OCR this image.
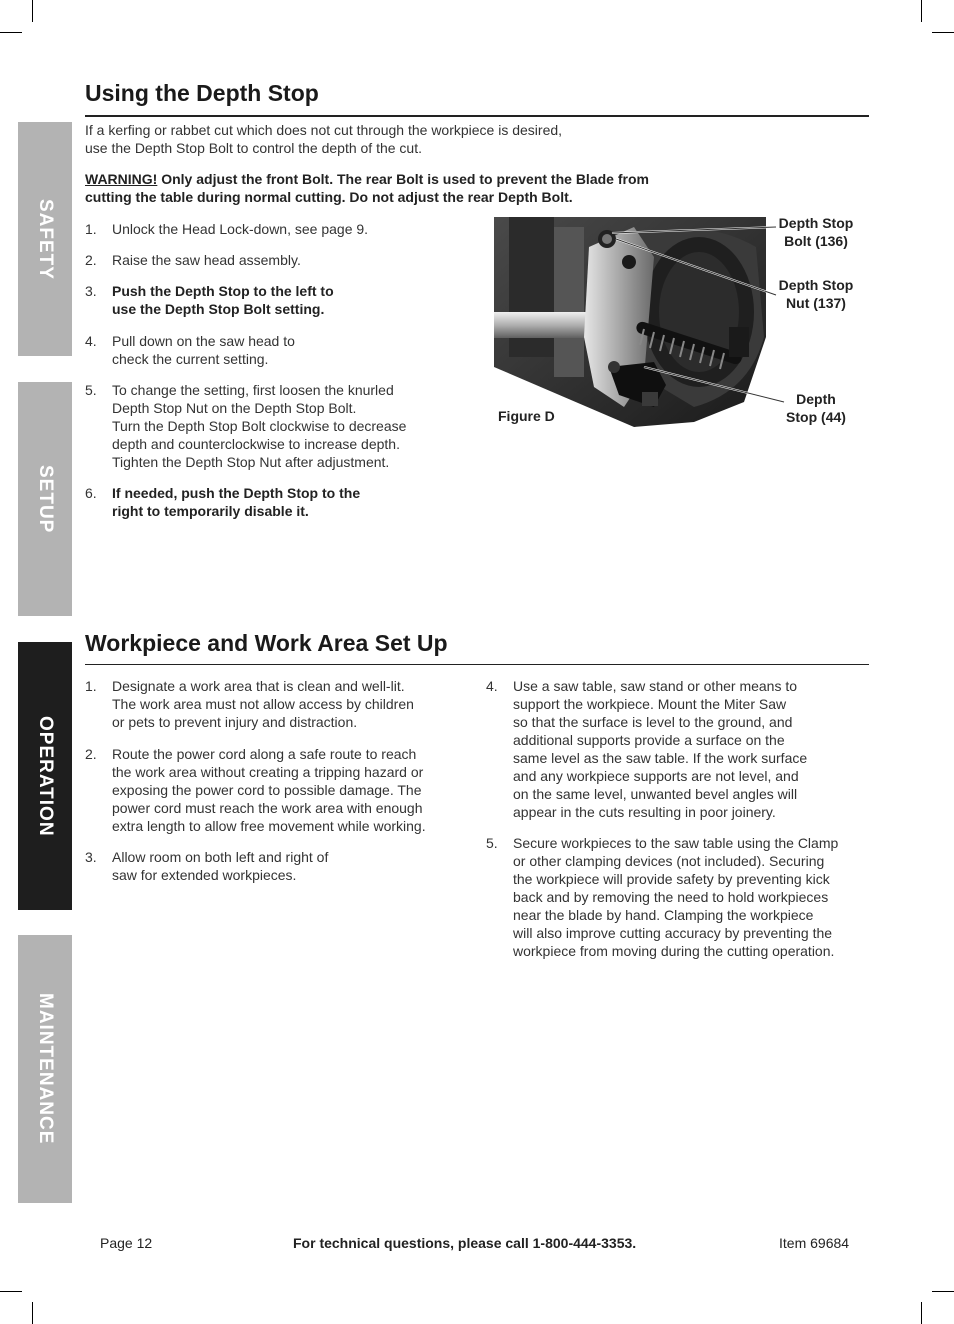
SAFETY
SETUP
OPERATION
MAINTENANCE
Using the Depth Stop

If a kerfing or rabbet cut which does not cut through the workpiece is desired,
use the Depth Stop Bolt to control the depth of the cut.

WARNING! Only adjust the front Bolt. The rear Bolt is used to prevent the Blade from
cutting the table during normal cutting. Do not adjust the rear Depth Bolt.

1. Unlock the Head Lock-down, see page 9.
2. Raise the saw head assembly.
3. Push the Depth Stop to the left to
use the Depth Stop Bolt setting.
4. Pull down on the saw head to
check the current setting.
5. To change the setting, first loosen the knurled
Depth Stop Nut on the Depth Stop Bolt.
Turn the Depth Stop Bolt clockwise to decrease
depth and counterclockwise to increase depth.
Tighten the Depth Stop Nut after adjustment.
6. If needed, push the Depth Stop to the
right to temporarily disable it.
Depth Stop
Bolt (136)
Depth Stop
Nut (137)
Depth
Stop (44)
Figure D
Workpiece and Work Area Set Up
1. Designate a work area that is clean and well-lit.
The work area must not allow access by children
or pets to prevent injury and distraction.
2. Route the power cord along a safe route to reach
the work area without creating a tripping hazard or
exposing the power cord to possible damage. The
power cord must reach the work area with enough
extra length to allow free movement while working.
3. Allow room on both left and right of
saw for extended workpieces.
4. Use a saw table, saw stand or other means to
support the workpiece. Mount the Miter Saw
so that the surface is level to the ground, and
additional supports provide a surface on the
same level as the saw table. If the work surface
and any workpiece supports are not level, and
on the same level, unwanted bevel angles will
appear in the cuts resulting in poor joinery.
5. Secure workpieces to the saw table using the Clamp
or other clamping devices (not included). Securing
the workpiece will provide safety by preventing kick
back and by removing the need to hold workpieces
near the blade by hand. Clamping the workpiece
will also improve cutting accuracy by preventing the
workpiece from moving during the cutting operation.
Page 12	For technical questions, please call 1-800-444-3353.	Item 69684
